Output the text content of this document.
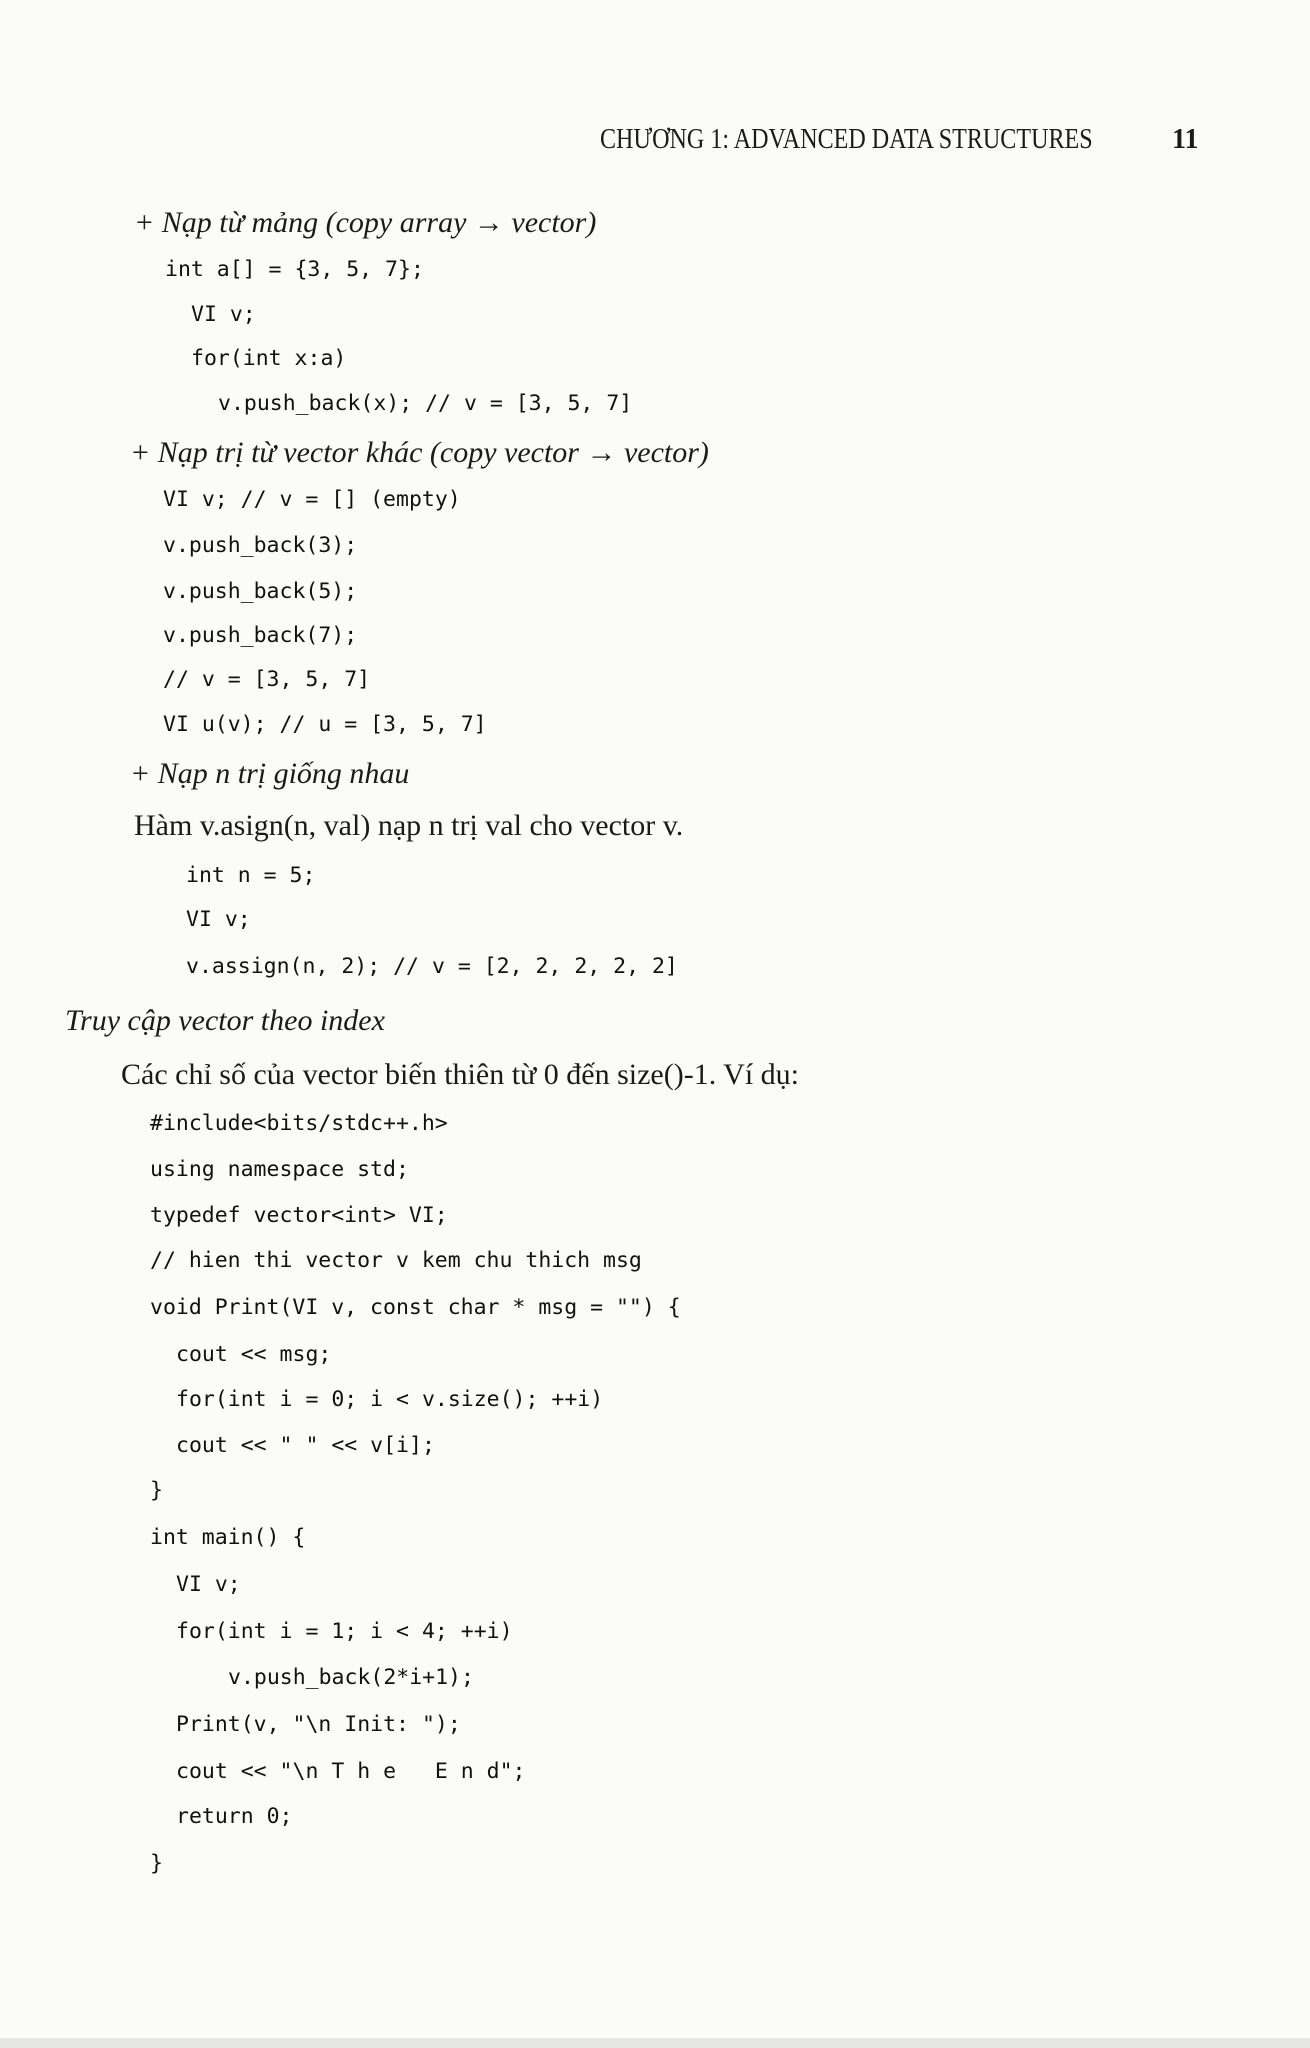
CHƯƠNG 1: ADVANCED DATA STRUCTURES	11
+ Nạp từ mảng (copy array → vector)
int a[] = {3, 5, 7};
VI v;
for(int x:a)
v.push_back(x); // v = [3, 5, 7]
+ Nạp trị từ vector khác (copy vector → vector)
VI v; // v = [] (empty)
v.push_back(3);
v.push_back(5);
v.push_back(7);
// v = [3, 5, 7]
VI u(v); // u = [3, 5, 7]
+ Nạp n trị giống nhau
Hàm v.asign(n, val) nạp n trị val cho vector v.
int n = 5;
VI v;
v.assign(n, 2); // v = [2, 2, 2, 2, 2]
Truy cập vector theo index
Các chỉ số của vector biến thiên từ 0 đến size()-1. Ví dụ:
#include<bits/stdc++.h>
using namespace std;
typedef vector<int> VI;
// hien thi vector v kem chu thich msg
void Print(VI v, const char * msg = "") {
cout << msg;
for(int i = 0; i < v.size(); ++i)
cout << " " << v[i];
}
int main() {
VI v;
for(int i = 1; i < 4; ++i)
v.push_back(2*i+1);
Print(v, "\n Init: ");
cout << "\n T h e   E n d";
return 0;
}
